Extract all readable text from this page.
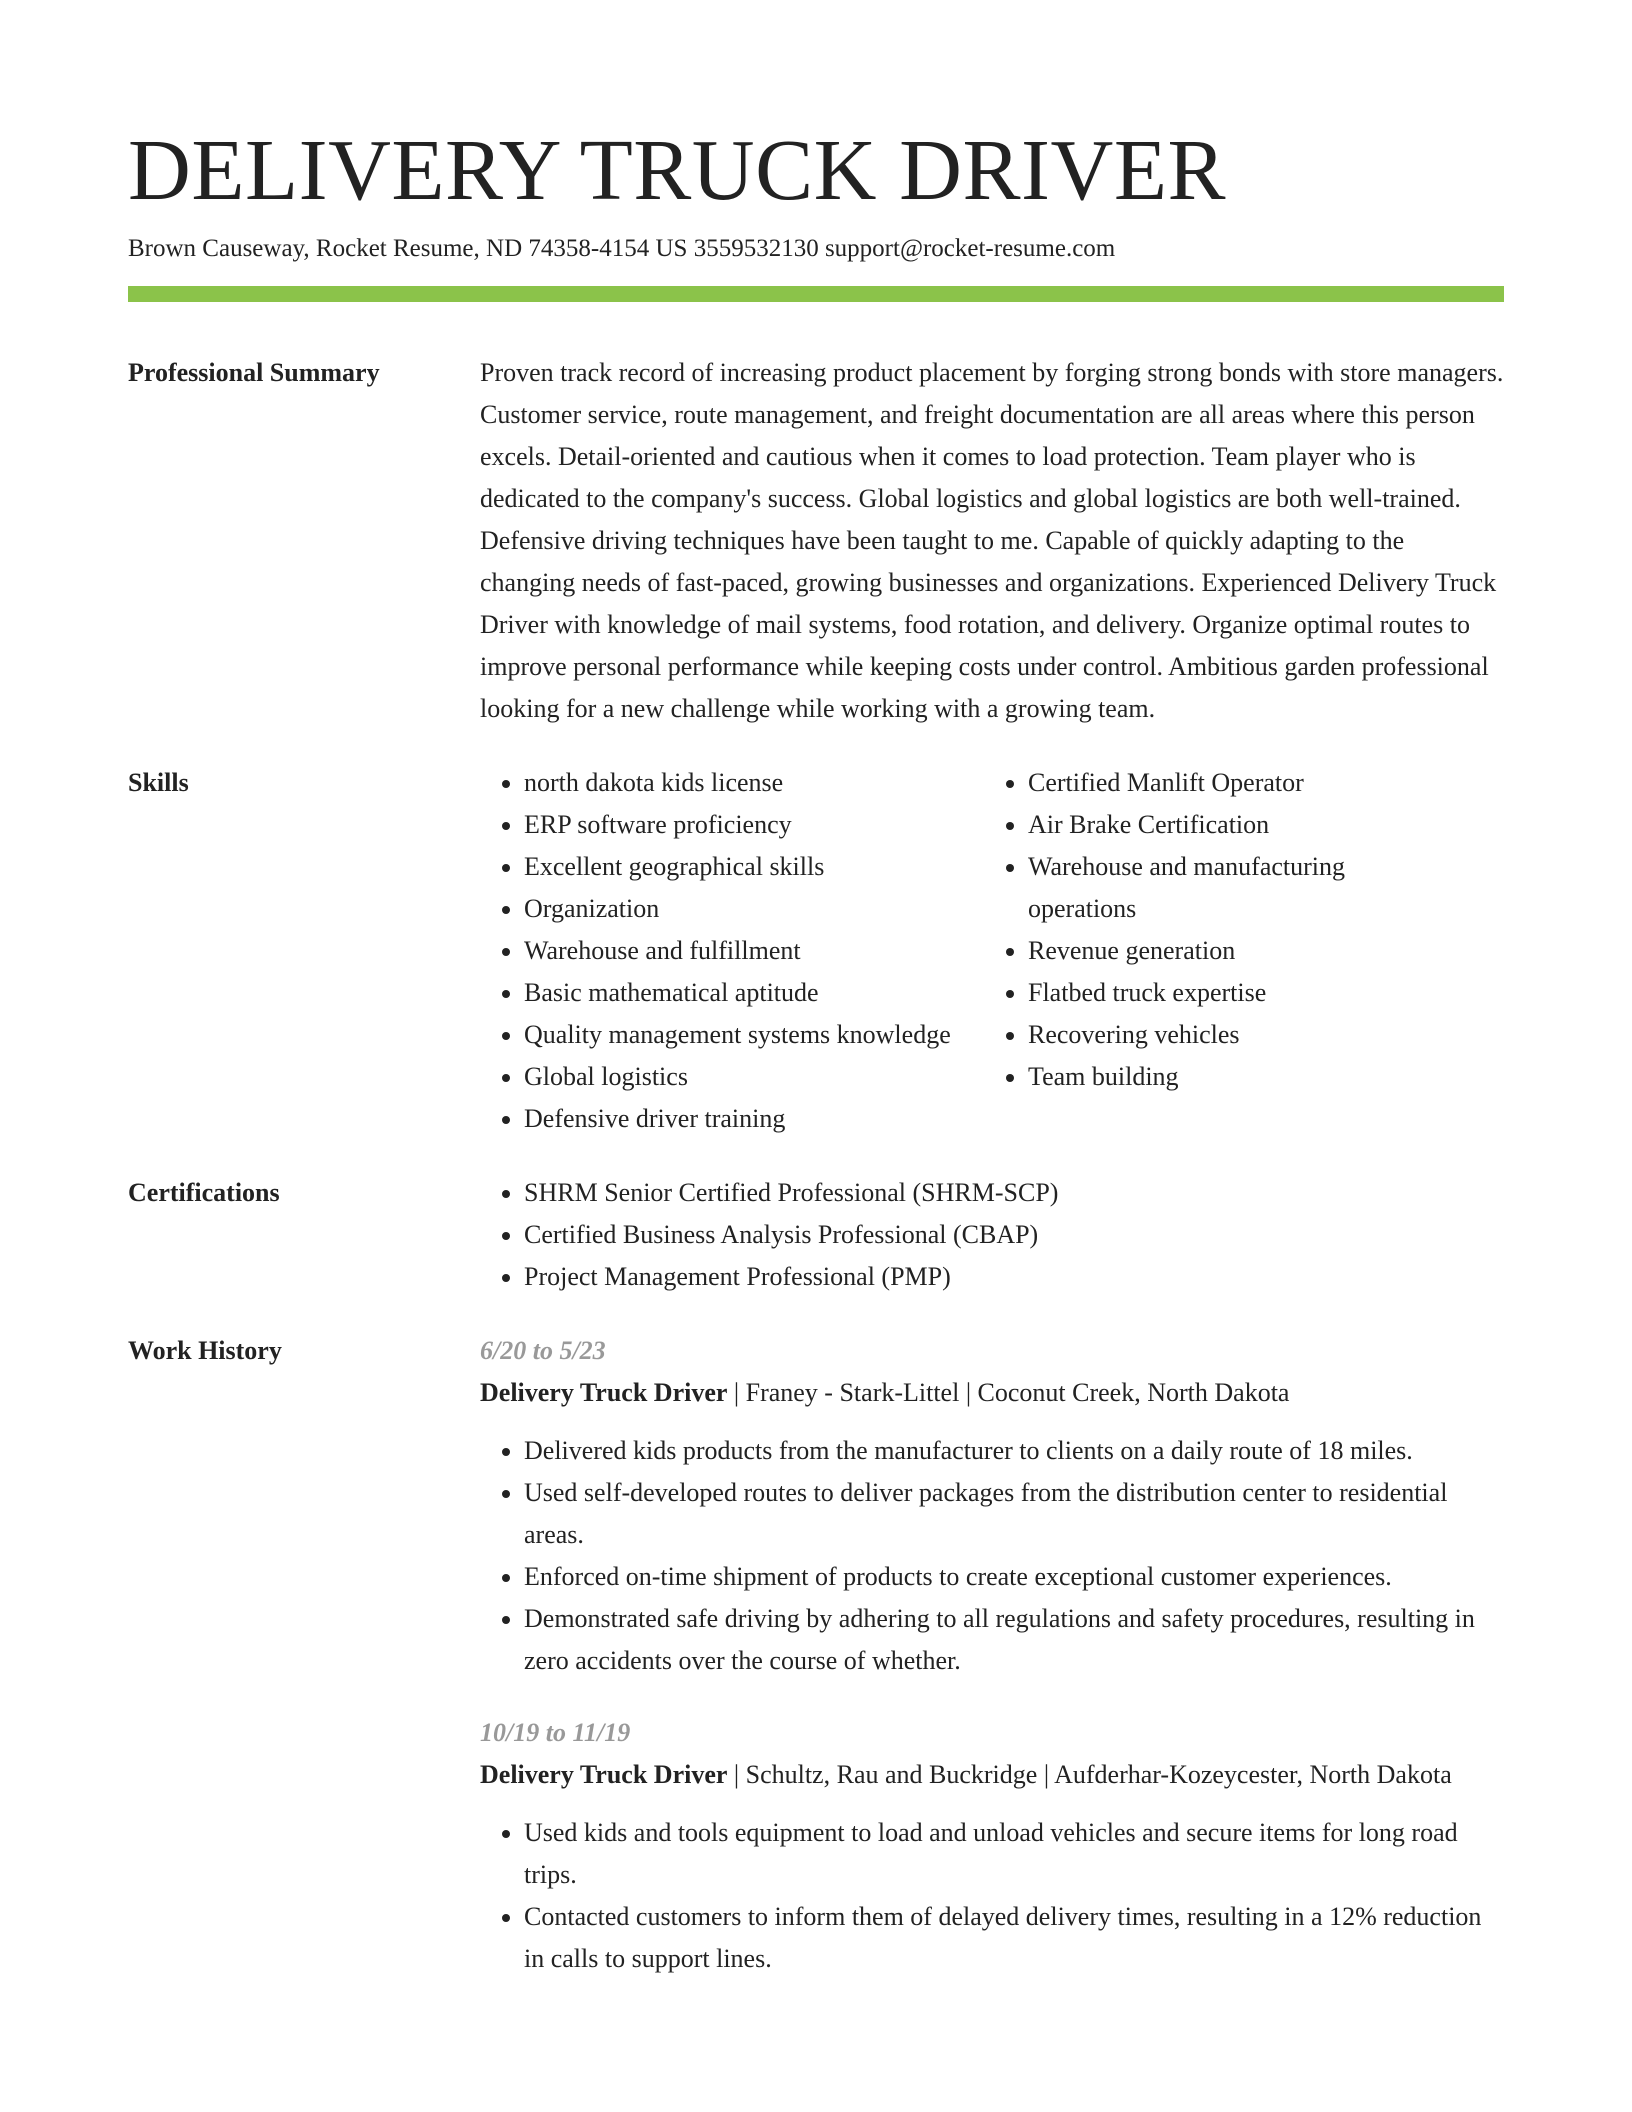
DELIVERY TRUCK DRIVER
Brown Causeway, Rocket Resume, ND 74358-4154 US 3559532130 support@rocket-resume.com
Professional Summary	Proven track record of increasing product placement by forging strong bonds with store managers. Customer service, route management, and freight documentation are all areas where this person excels. Detail-oriented and cautious when it comes to load protection. Team player who is dedicated to the company's success. Global logistics and global logistics are both well-trained. Defensive driving techniques have been taught to me. Capable of quickly adapting to the changing needs of fast-paced, growing businesses and organizations. Experienced Delivery Truck Driver with knowledge of mail systems, food rotation, and delivery. Organize optimal routes to improve personal performance while keeping costs under control. Ambitious garden professional looking for a new challenge while working with a growing team.

Skills	• north dakota kids license
• ERP software proficiency
• Excellent geographical skills
• Organization
• Warehouse and fulfillment
• Basic mathematical aptitude
• Quality management systems knowledge
• Global logistics
• Defensive driver training
• Certified Manlift Operator
• Air Brake Certification
• Warehouse and manufacturing operations
• Revenue generation
• Flatbed truck expertise
• Recovering vehicles
• Team building
Certifications	• SHRM Senior Certified Professional (SHRM-SCP)
• Certified Business Analysis Professional (CBAP)
• Project Management Professional (PMP)
Work History	6/20 to 5/23
Delivery Truck Driver | Franey - Stark-Littel | Coconut Creek, North Dakota
• Delivered kids products from the manufacturer to clients on a daily route of 18 miles.
• Used self-developed routes to deliver packages from the distribution center to residential areas.
• Enforced on-time shipment of products to create exceptional customer experiences.
• Demonstrated safe driving by adhering to all regulations and safety procedures, resulting in zero accidents over the course of whether.
10/19 to 11/19
Delivery Truck Driver | Schultz, Rau and Buckridge | Aufderhar-Kozeycester, North Dakota
• Used kids and tools equipment to load and unload vehicles and secure items for long road trips.
• Contacted customers to inform them of delayed delivery times, resulting in a 12% reduction in calls to support lines.
